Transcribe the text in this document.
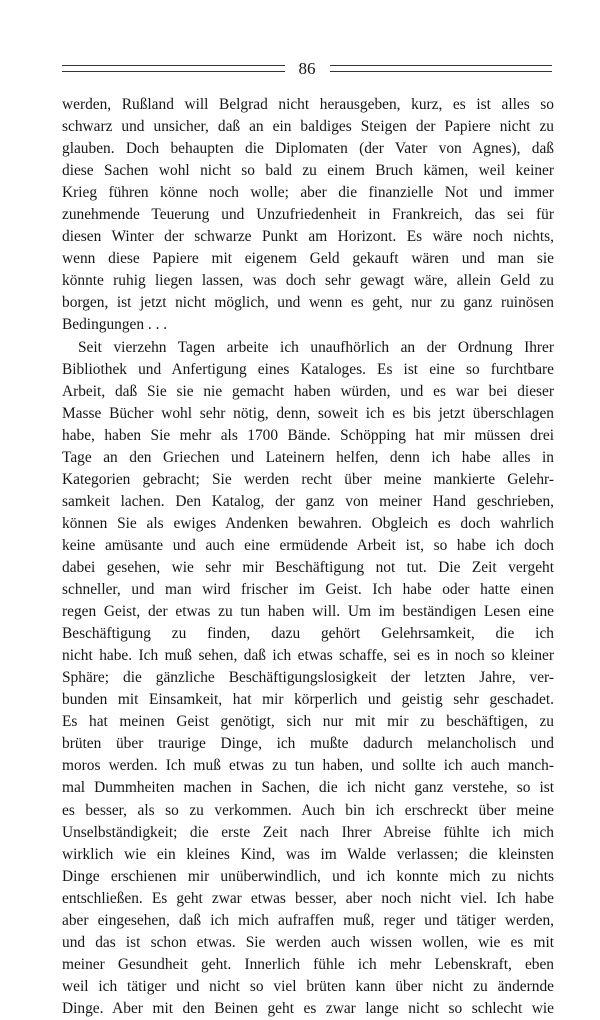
86
werden, Rußland will Belgrad nicht herausgeben, kurz, es ist alles so
schwarz und unsicher, daß an ein baldiges Steigen der Papiere nicht zu
glauben. Doch behaupten die Diplomaten (der Vater von Agnes), daß
diese Sachen wohl nicht so bald zu einem Bruch kämen, weil keiner
Krieg führen könne noch wolle; aber die finanzielle Not und immer
zunehmende Teuerung und Unzufriedenheit in Frankreich, das sei für
diesen Winter der schwarze Punkt am Horizont. Es wäre noch nichts,
wenn diese Papiere mit eigenem Geld gekauft wären und man sie
könnte ruhig liegen lassen, was doch sehr gewagt wäre, allein Geld zu
borgen, ist jetzt nicht möglich, und wenn es geht, nur zu ganz ruinösen
Bedingungen . . .
Seit vierzehn Tagen arbeite ich unaufhörlich an der Ordnung Ihrer
Bibliothek und Anfertigung eines Kataloges. Es ist eine so furchtbare
Arbeit, daß Sie sie nie gemacht haben würden, und es war bei dieser
Masse Bücher wohl sehr nötig, denn, soweit ich es bis jetzt überschlagen
habe, haben Sie mehr als 1700 Bände. Schöpping hat mir müssen drei
Tage an den Griechen und Lateinern helfen, denn ich habe alles in
Kategorien gebracht; Sie werden recht über meine mankierte Gelehr-
samkeit lachen. Den Katalog, der ganz von meiner Hand geschrieben,
können Sie als ewiges Andenken bewahren. Obgleich es doch wahrlich
keine amüsante und auch eine ermüdende Arbeit ist, so habe ich doch
dabei gesehen, wie sehr mir Beschäftigung not tut. Die Zeit vergeht
schneller, und man wird frischer im Geist. Ich habe oder hatte einen
regen Geist, der etwas zu tun haben will. Um im beständigen Lesen eine
Beschäftigung zu finden, dazu gehört Gelehrsamkeit, die ich
nicht habe. Ich muß sehen, daß ich etwas schaffe, sei es in noch so kleiner
Sphäre; die gänzliche Beschäftigungslosigkeit der letzten Jahre, ver-
bunden mit Einsamkeit, hat mir körperlich und geistig sehr geschadet.
Es hat meinen Geist genötigt, sich nur mit mir zu beschäftigen, zu
brüten über traurige Dinge, ich mußte dadurch melancholisch und
moros werden. Ich muß etwas zu tun haben, und sollte ich auch manch-
mal Dummheiten machen in Sachen, die ich nicht ganz verstehe, so ist
es besser, als so zu verkommen. Auch bin ich erschreckt über meine
Unselbständigkeit; die erste Zeit nach Ihrer Abreise fühlte ich mich
wirklich wie ein kleines Kind, was im Walde verlassen; die kleinsten
Dinge erschienen mir unüberwindlich, und ich konnte mich zu nichts
entschließen. Es geht zwar etwas besser, aber noch nicht viel. Ich habe
aber eingesehen, daß ich mich aufraffen muß, reger und tätiger werden,
und das ist schon etwas. Sie werden auch wissen wollen, wie es mit
meiner Gesundheit geht. Innerlich fühle ich mehr Lebenskraft, eben
weil ich tätiger und nicht so viel brüten kann über nicht zu ändernde
Dinge. Aber mit den Beinen geht es zwar lange nicht so schlecht wie
